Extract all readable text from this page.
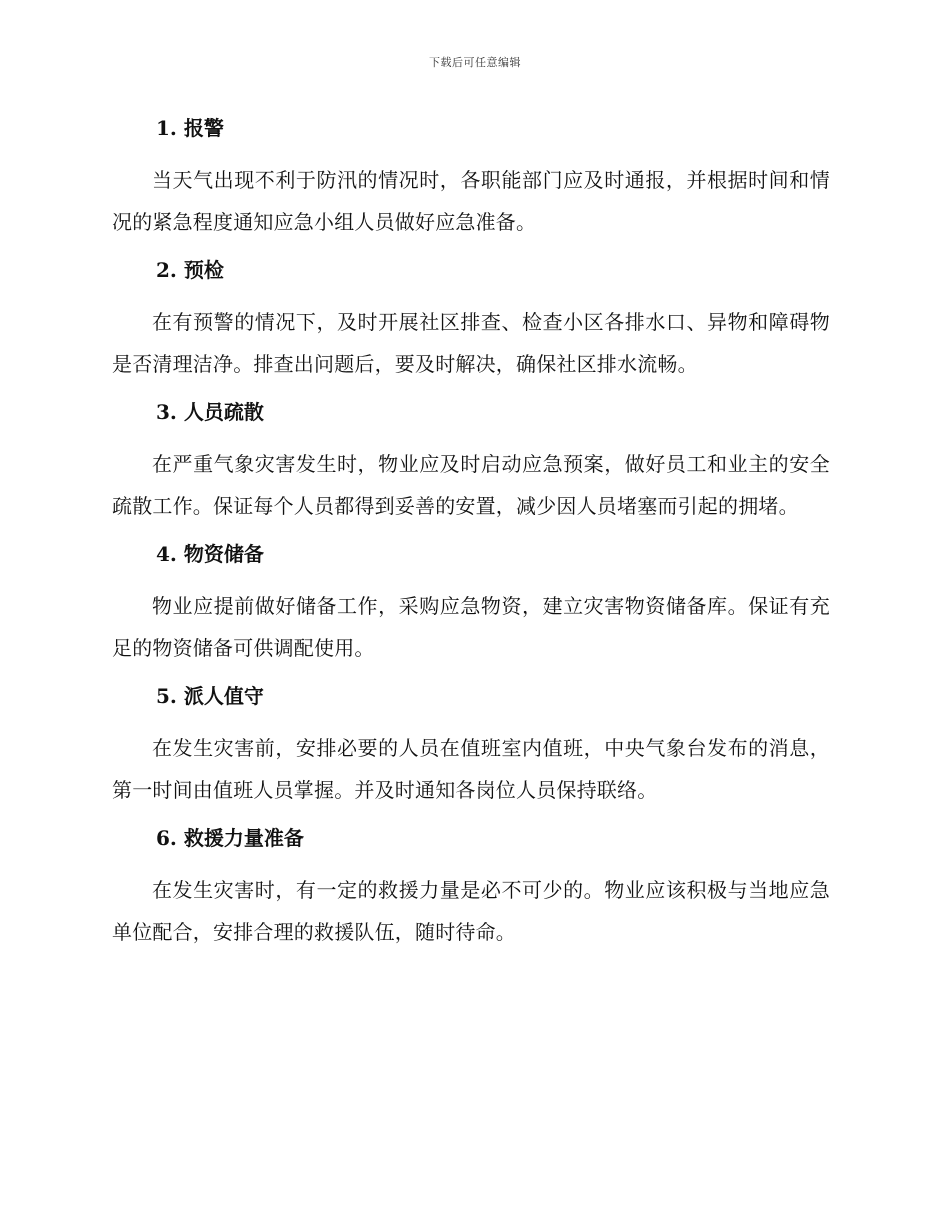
下载后可任意编辑
1. 报警

当天气出现不利于防汛的情况时，各职能部门应及时通报，并根据时间和情况的紧急程度通知应急小组人员做好应急准备。

2. 预检

在有预警的情况下，及时开展社区排查、检查小区各排水口、异物和障碍物是否清理洁净。排查出问题后，要及时解决，确保社区排水流畅。

3. 人员疏散

在严重气象灾害发生时，物业应及时启动应急预案，做好员工和业主的安全疏散工作。保证每个人员都得到妥善的安置，减少因人员堵塞而引起的拥堵。

4. 物资储备

物业应提前做好储备工作，采购应急物资，建立灾害物资储备库。保证有充足的物资储备可供调配使用。

5. 派人值守

在发生灾害前，安排必要的人员在值班室内值班，中央气象台发布的消息，第一时间由值班人员掌握。并及时通知各岗位人员保持联络。

6. 救援力量准备

在发生灾害时，有一定的救援力量是必不可少的。物业应该积极与当地应急单位配合，安排合理的救援队伍，随时待命。
